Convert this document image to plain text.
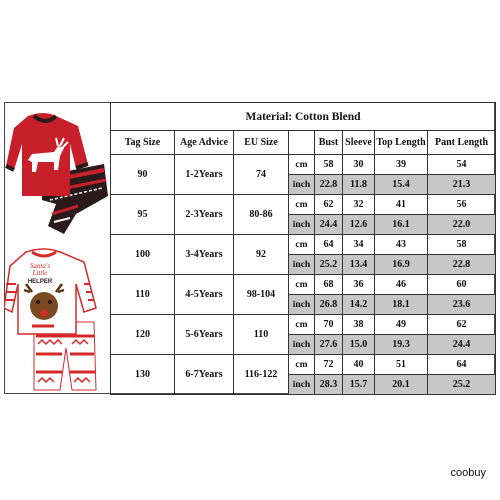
Santa's
Little
HELPER
Material: Cotton Blend							
Tag Size	Age Advice	EU Size		Bust	Sleeve	Top Length	Pant Length
90	1-2Years	74	cm	58	30	39	54
			inch	22.8	11.8	15.4	21.3
95	2-3Years	80-86	cm	62	32	41	56
			inch	24.4	12.6	16.1	22.0
100	3-4Years	92	cm	64	34	43	58
			inch	25.2	13.4	16.9	22.8
110	4-5Years	98-104	cm	68	36	46	60
			inch	26.8	14.2	18.1	23.6
120	5-6Years	110	cm	70	38	49	62
			inch	27.6	15.0	19.3	24.4
130	6-7Years	116-122	cm	72	40	51	64
			inch	28.3	15.7	20.1	25.2
coobuy
